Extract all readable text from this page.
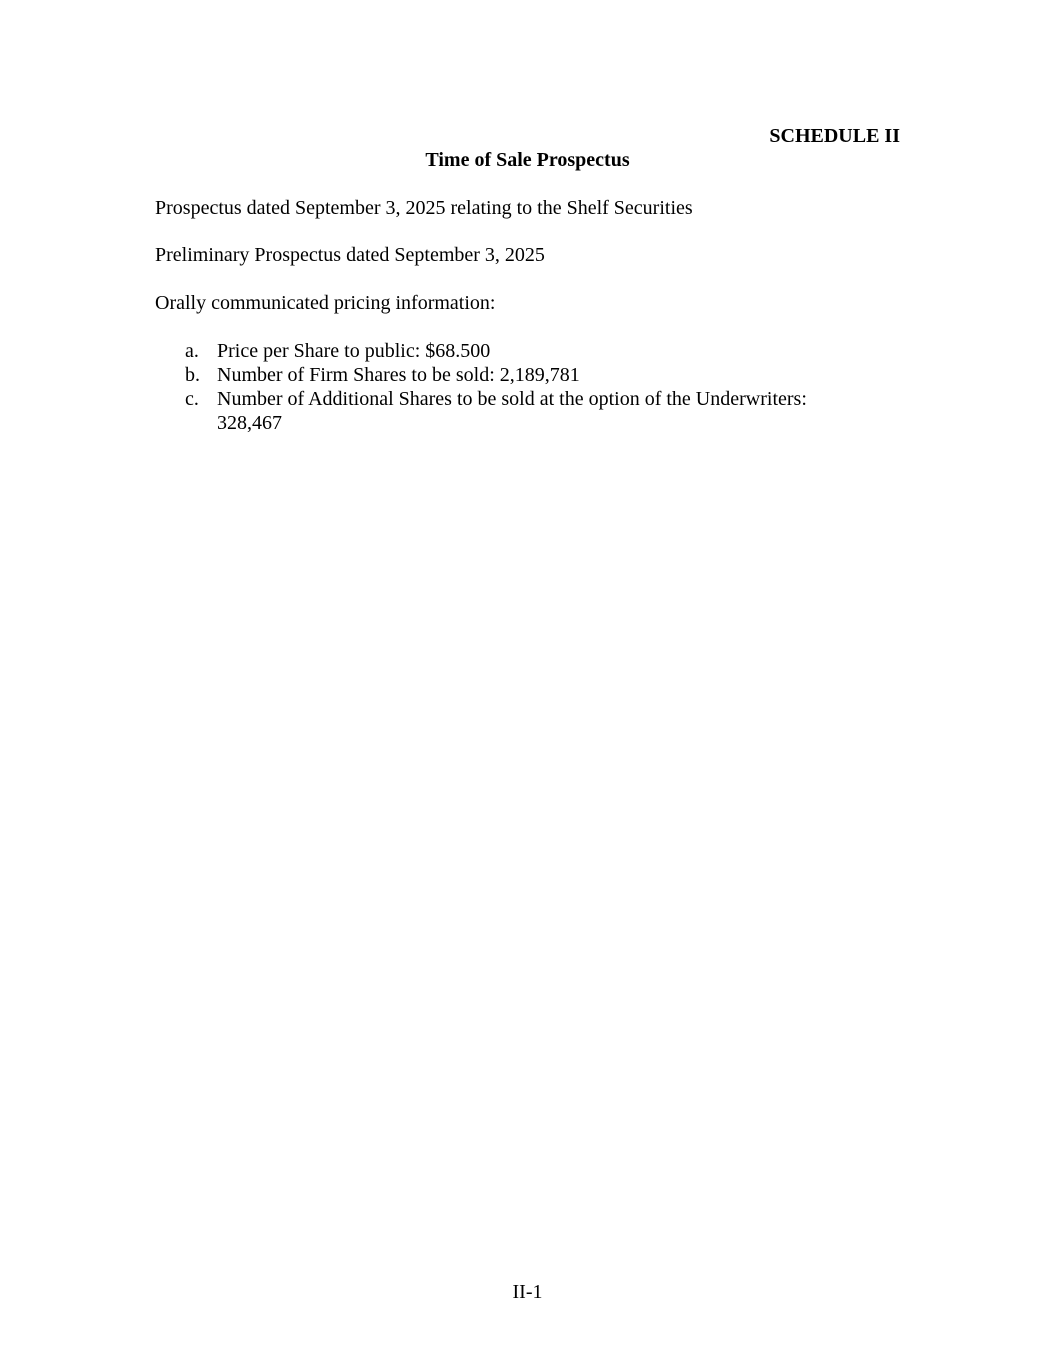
SCHEDULE II
Time of Sale Prospectus
Prospectus dated September 3, 2025 relating to the Shelf Securities
Preliminary Prospectus dated September 3, 2025
Orally communicated pricing information:
a. Price per Share to public: $68.500
b. Number of Firm Shares to be sold: 2,189,781
c. Number of Additional Shares to be sold at the option of the Underwriters: 328,467
II-1
